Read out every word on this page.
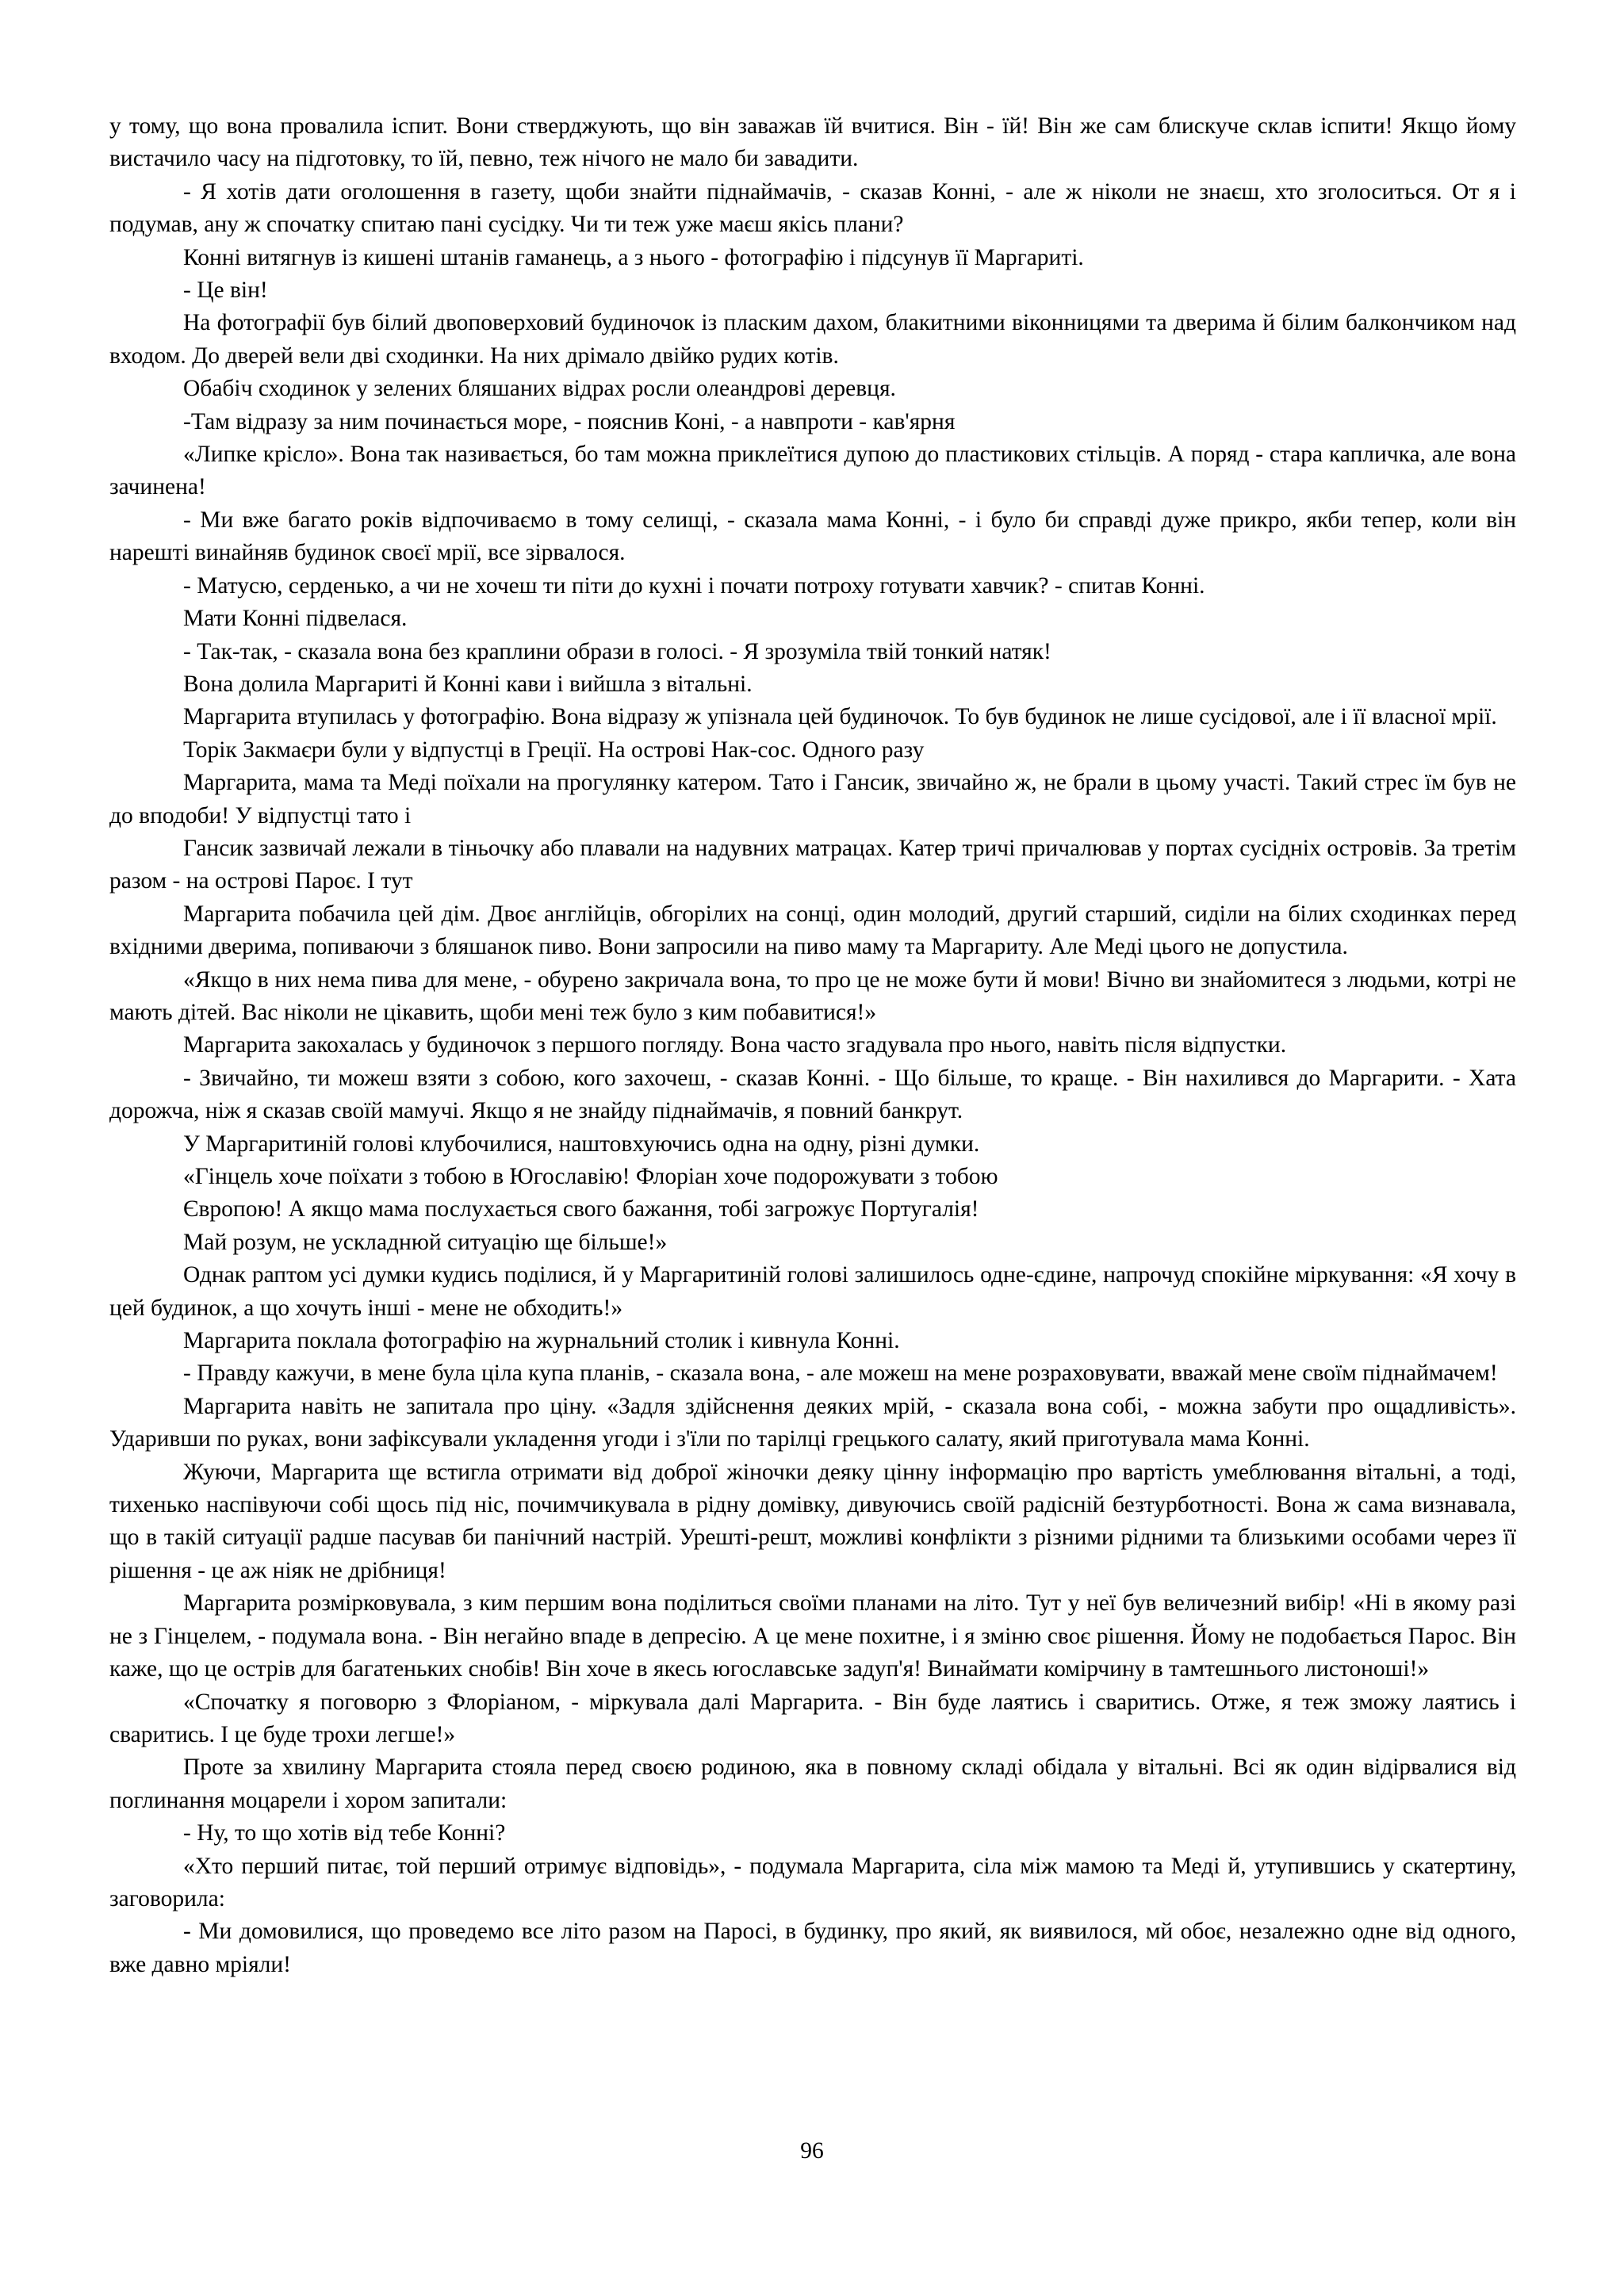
у тому, що вона провалила іспит. Вони стверджують, що він заважав їй вчитися. Він - їй! Він же сам блискуче склав іспити! Якщо йому вистачило часу на підготовку, то їй, певно, теж нічого не мало би завадити.

- Я хотів дати оголошення в газету, щоби знайти піднаймачів, - сказав Конні, - але ж ніколи не знаєш, хто зголоситься. От я і подумав, ану ж спочатку спитаю пані сусідку. Чи ти теж уже маєш якісь плани?

Конні витягнув із кишені штанів гаманець, а з нього - фотографію і підсунув її Маргариті.

- Це він!

На фотографії був білий двоповерховий будиночок із пласким дахом, блакитними віконницями та дверима й білим балкончиком над входом. До дверей вели дві сходинки. На них дрімало двійко рудих котів.

Обабіч сходинок у зелених бляшаних відрах росли олеандрові деревця.

-Там відразу за ним починається море, - пояснив Коні, - а навпроти - кав'ярня

«Липке крісло». Вона так називається, бо там можна приклеїтися дупою до пластикових стільців. А поряд - стара капличка, але вона зачинена!

- Ми вже багато років відпочиваємо в тому селищі, - сказала мама Конні, - і було би справді дуже прикро, якби тепер, коли він нарешті винайняв будинок своєї мрії, все зірвалося.

- Матусю, серденько, а чи не хочеш ти піти до кухні і почати потроху готувати хавчик? - спитав Конні.

Мати Конні підвелася.

- Так-так, - сказала вона без краплини образи в голосі. - Я зрозуміла твій тонкий натяк!

Вона долила Маргариті й Конні кави і вийшла з вітальні.

Маргарита втупилась у фотографію. Вона відразу ж упізнала цей будиночок. То був будинок не лише сусідової, але і її власної мрії.

Торік Закмаєри були у відпустці в Греції. На острові Нак-сос. Одного разу

Маргарита, мама та Меді поїхали на прогулянку катером. Тато і Гансик, звичайно ж, не брали в цьому участі. Такий стрес їм був не до вподоби! У відпустці тато і

Гансик зазвичай лежали в тіньочку або плавали на надувних матрацах. Катер тричі причалював у портах сусідніх островів. За третім разом - на острові Пароє. І тут

Маргарита побачила цей дім. Двоє англійців, обгорілих на сонці, один молодий, другий старший, сиділи на білих сходинках перед вхідними дверима, попиваючи з бляшанок пиво. Вони запросили на пиво маму та Маргариту. Але Меді цього не допустила.

«Якщо в них нема пива для мене, - обурено закричала вона, то про це не може бути й мови! Вічно ви знайомитеся з людьми, котрі не мають дітей. Вас ніколи не цікавить, щоби мені теж було з ким побавитися!»

Маргарита закохалась у будиночок з першого погляду. Вона часто згадувала про нього, навіть після відпустки.

- Звичайно, ти можеш взяти з собою, кого захочеш, - сказав Конні. - Що більше, то краще. - Він нахилився до Маргарити. - Хата дорожча, ніж я сказав своїй мамучі. Якщо я не знайду піднаймачів, я повний банкрут.

У Маргаритиній голові клубочилися, наштовхуючись одна на одну, різні думки.

«Гінцель хоче поїхати з тобою в Югославію! Флоріан хоче подорожувати з тобою

Європою! А якщо мама послухається свого бажання, тобі загрожує Португалія!

Май розум, не ускладнюй ситуацію ще більше!»

Однак раптом усі думки кудись поділися, й у Маргаритиній голові залишилось одне-єдине, напрочуд спокійне міркування: «Я хочу в цей будинок, а що хочуть інші - мене не обходить!»

Маргарита поклала фотографію на журнальний столик і кивнула Конні.

- Правду кажучи, в мене була ціла купа планів, - сказала вона, - але можеш на мене розраховувати, вважай мене своїм піднаймачем!

Маргарита навіть не запитала про ціну. «Задля здійснення деяких мрій, - сказала вона собі, - можна забути про ощадливість». Ударивши по руках, вони зафіксували укладення угоди і з'їли по тарілці грецького салату, який приготувала мама Конні.

Жуючи, Маргарита ще встигла отримати від доброї жіночки деяку цінну інформацію про вартість умеблювання вітальні, а тоді, тихенько наспівуючи собі щось під ніс, почимчикувала в рідну домівку, дивуючись своїй радісній безтурботності. Вона ж сама визнавала, що в такій ситуації радше пасував би панічний настрій. Урешті-решт, можливі конфлікти з різними рідними та близькими особами через її рішення - це аж ніяк не дрібниця!

Маргарита розмірковувала, з ким першим вона поділиться своїми планами на літо. Тут у неї був величезний вибір! «Ні в якому разі не з Гінцелем, - подумала вона. - Він негайно впаде в депресію. А це мене похитне, і я зміню своє рішення. Йому не подобається Парос. Він каже, що це острів для багатеньких снобів! Він хоче в якесь югославське задуп'я! Винаймати комірчину в тамтешнього листоноші!»

«Спочатку я поговорю з Флоріаном, - міркувала далі Маргарита. - Він буде лаятись і сваритись. Отже, я теж зможу лаятись і сваритись. І це буде трохи легше!»

Проте за хвилину Маргарита стояла перед своєю родиною, яка в повному складі обідала у вітальні. Всі як один відірвалися від поглинання моцарели і хором запитали:

- Ну, то що хотів від тебе Конні?

«Хто перший питає, той перший отримує відповідь», - подумала Маргарита, сіла між мамою та Меді й, утупившись у скатертину, заговорила:

- Ми домовилися, що проведемо все літо разом на Паросі, в будинку, про який, як виявилося, мй обоє, незалежно одне від одного, вже давно мріяли!

96
